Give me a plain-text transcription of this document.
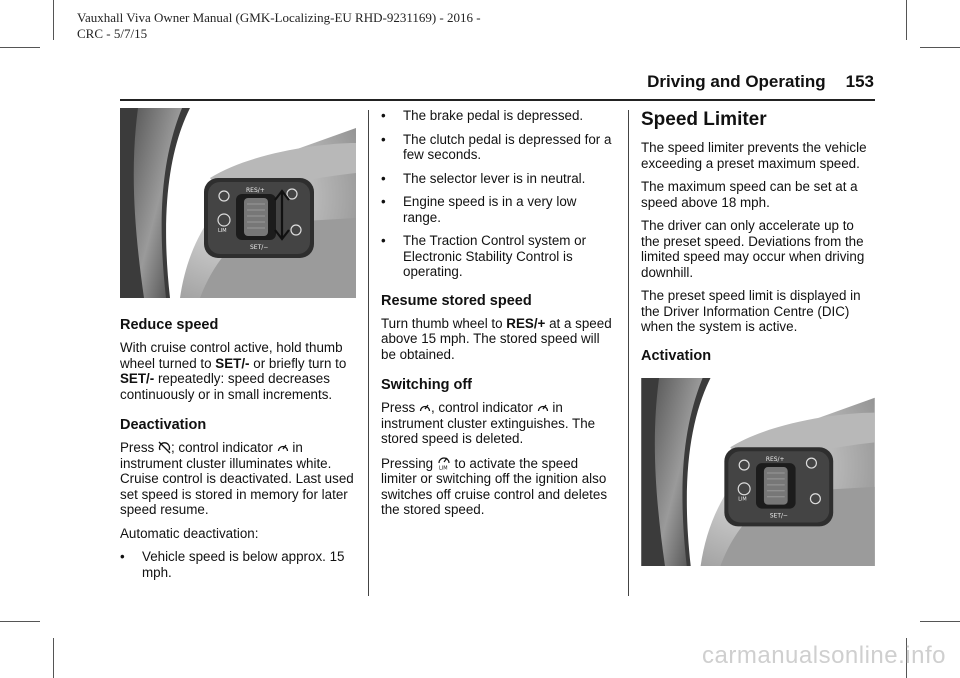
Vauxhall Viva Owner Manual (GMK-Localizing-EU RHD-9231169) - 2016 -
CRC - 5/7/15
Driving and Operating 153
RES/+
SET/−
LIM
Reduce speed

With cruise control active, hold thumb wheel turned to SET/- or briefly turn to SET/- repeatedly: speed decreases continuously or in small increments.

Deactivation

Press ; control indicator  in instrument cluster illuminates white. Cruise control is deactivated. Last used set speed is stored in memory for later speed resume.

Automatic deactivation:

•	Vehicle speed is below approx. 15 mph.
•	The brake pedal is depressed.
•	The clutch pedal is depressed for a few seconds.
•	The selector lever is in neutral.
•	Engine speed is in a very low range.
•	The Traction Control system or Electronic Stability Control is operating.
Resume stored speed

Turn thumb wheel to RES/+ at a speed above 15 mph. The stored speed will be obtained.

Switching off

Press , control indicator  in instrument cluster extinguishes. The stored speed is deleted.

Pressing LIM to activate the speed limiter or switching off the ignition also switches off cruise control and deletes the stored speed.

Speed Limiter

The speed limiter prevents the vehicle exceeding a preset maximum speed.

The maximum speed can be set at a speed above 18 mph.

The driver can only accelerate up to the preset speed. Deviations from the limited speed may occur when driving downhill.

The preset speed limit is displayed in the Driver Information Centre (DIC) when the system is active.

Activation
RES/+
SET/−
LIM
carmanualsonline.info
